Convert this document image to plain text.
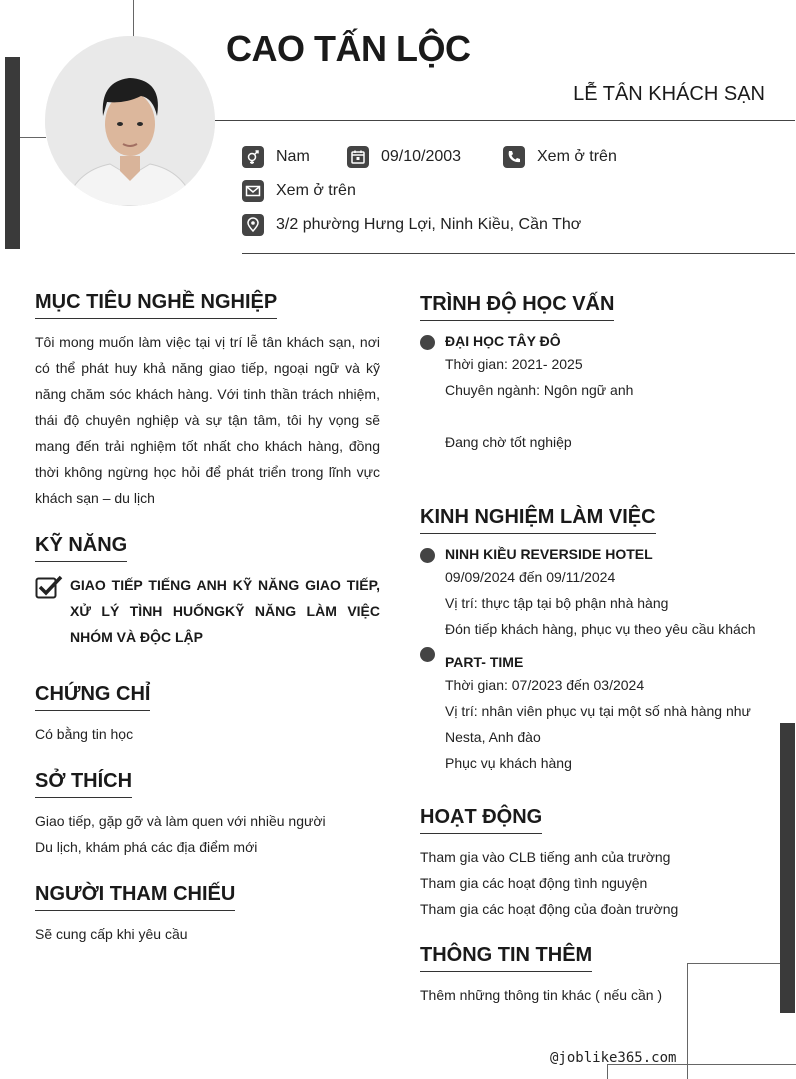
CAO TẤN LỘC
LỄ TÂN KHÁCH SẠN
Nam	09/10/2003	Xem ở trên
Xem ở trên
3/2 phường Hưng Lợi, Ninh Kiều, Cần Thơ
MỤC TIÊU NGHỀ NGHIỆP
Tôi mong muốn làm việc tại vị trí lễ tân khách sạn, nơi có thể phát huy khả năng giao tiếp, ngoại ngữ và kỹ năng chăm sóc khách hàng. Với tinh thần trách nhiệm, thái độ chuyên nghiệp và sự tận tâm, tôi hy vọng sẽ mang đến trải nghiệm tốt nhất cho khách hàng, đồng thời không ngừng học hỏi để phát triển trong lĩnh vực khách sạn – du lịch
KỸ NĂNG
GIAO TIẾP TIẾNG ANH KỸ NĂNG GIAO TIẾP, XỬ LÝ TÌNH HUỐNGKỸ NĂNG LÀM VIỆC NHÓM VÀ ĐỘC LẬP
CHỨNG CHỈ
Có bằng tin học
SỞ THÍCH
Giao tiếp, gặp gỡ và làm quen với nhiều người
Du lịch, khám phá các địa điểm mới
NGƯỜI THAM CHIẾU
Sẽ cung cấp khi yêu cầu
TRÌNH ĐỘ HỌC VẤN
ĐẠI HỌC TÂY ĐÔ
Thời gian: 2021- 2025
Chuyên ngành: Ngôn ngữ anh
Đang chờ tốt nghiệp
KINH NGHIỆM LÀM VIỆC
NINH KIỀU REVERSIDE HOTEL
09/09/2024 đến 09/11/2024
Vị trí: thực tập tại bộ phận nhà hàng
Đón tiếp khách hàng, phục vụ theo yêu cầu khách
PART- TIME
Thời gian: 07/2023 đến 03/2024
Vị trí: nhân viên phục vụ tại một số nhà hàng như
Nesta, Anh đào
Phục vụ khách hàng
HOẠT ĐỘNG
Tham gia vào CLB tiếng anh của trường
Tham gia các hoạt động tình nguyện
Tham gia các hoạt động của đoàn trường
THÔNG TIN THÊM
Thêm những thông tin khác ( nếu cần )
@joblike365.com
